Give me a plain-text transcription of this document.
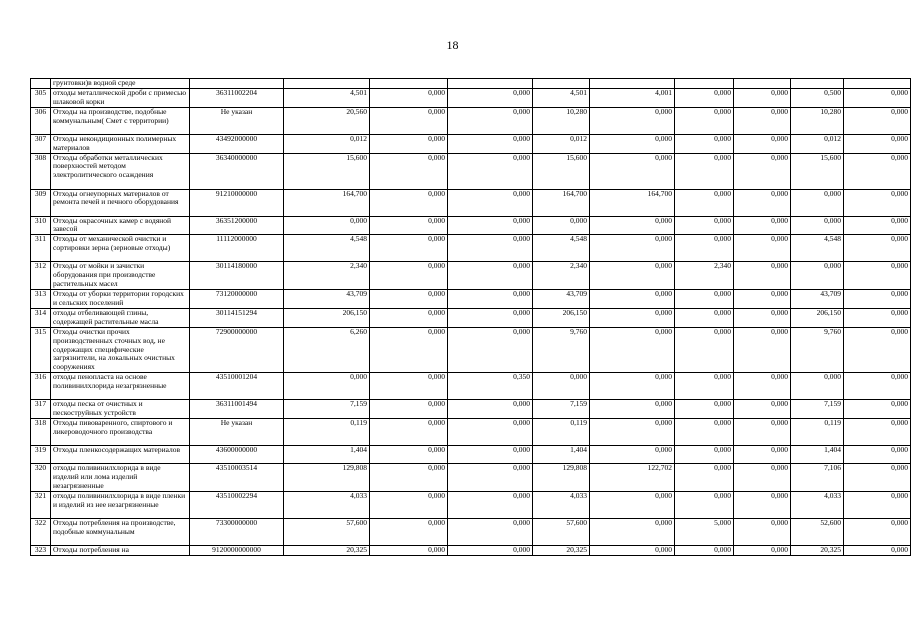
18
	грунтовки)в водной среде										
305	отходы металлической дроби с примесью шлаковой корки	36311002204	4,501	0,000	0,000	4,501	4,001	0,000	0,000	0,500	0,000
306	Отходы на производстве, подобные коммунальным( Смет с территории)	Не указан	20,560	0,000	0,000	10,280	0,000	0,000	0,000	10,280	0,000
307	Отходы некондиционных полимерных материалов	43492000000	0,012	0,000	0,000	0,012	0,000	0,000	0,000	0,012	0,000
308	Отходы обработки металлических поверхностей методом электролитического осаждения	36340000000	15,600	0,000	0,000	15,600	0,000	0,000	0,000	15,600	0,000
309	Отходы огнеупорных материалов от ремонта печей и печного оборудования	91210000000	164,700	0,000	0,000	164,700	164,700	0,000	0,000	0,000	0,000
310	Отходы окрасочных камер с водяной завесой	36351200000	0,000	0,000	0,000	0,000	0,000	0,000	0,000	0,000	0,000
311	Отходы от механической очистки и сортировки зерна (зерновые отходы)	11112000000	4,548	0,000	0,000	4,548	0,000	0,000	0,000	4,548	0,000
312	Отходы от мойки и зачистки оборудования при производстве растительных масел	30114180000	2,340	0,000	0,000	2,340	0,000	2,340	0,000	0,000	0,000
313	Отходы от уборки территории городских и сельских поселений	73120000000	43,709	0,000	0,000	43,709	0,000	0,000	0,000	43,709	0,000
314	отходы отбеливающей глины, содержащей растительные масла	30114151294	206,150	0,000	0,000	206,150	0,000	0,000	0,000	206,150	0,000
315	Отходы очистки прочих производственных сточных вод, не содержащих специфические загрязнители, на локальных очистных сооружениях	72900000000	6,260	0,000	0,000	9,760	0,000	0,000	0,000	9,760	0,000
316	отходы пенопласта на основе поливинилхлорида незагрязненные	43510001204	0,000	0,000	0,350	0,000	0,000	0,000	0,000	0,000	0,000
317	отходы песка от очистных и пескоструйных устройств	36311001494	7,159	0,000	0,000	7,159	0,000	0,000	0,000	7,159	0,000
318	Отходы пивоваренного, спиртового и ликероводочного производства	Не указан	0,119	0,000	0,000	0,119	0,000	0,000	0,000	0,119	0,000
319	Отходы пленкосодержащих материалов	43600000000	1,404	0,000	0,000	1,404	0,000	0,000	0,000	1,404	0,000
320	отходы поливинилхлорида в виде изделий или лома изделий незагрязненные	43510003514	129,808	0,000	0,000	129,808	122,702	0,000	0,000	7,106	0,000
321	отходы поливинилхлорида в виде пленки и изделий из нее незагрязненные	43510002294	4,033	0,000	0,000	4,033	0,000	0,000	0,000	4,033	0,000
322	Отходы потребления на производстве, подобные коммунальным	73300000000	57,600	0,000	0,000	57,600	0,000	5,000	0,000	52,600	0,000
323	Отходы потребления на	9120000000000	20,325	0,000	0,000	20,325	0,000	0,000	0,000	20,325	0,000
